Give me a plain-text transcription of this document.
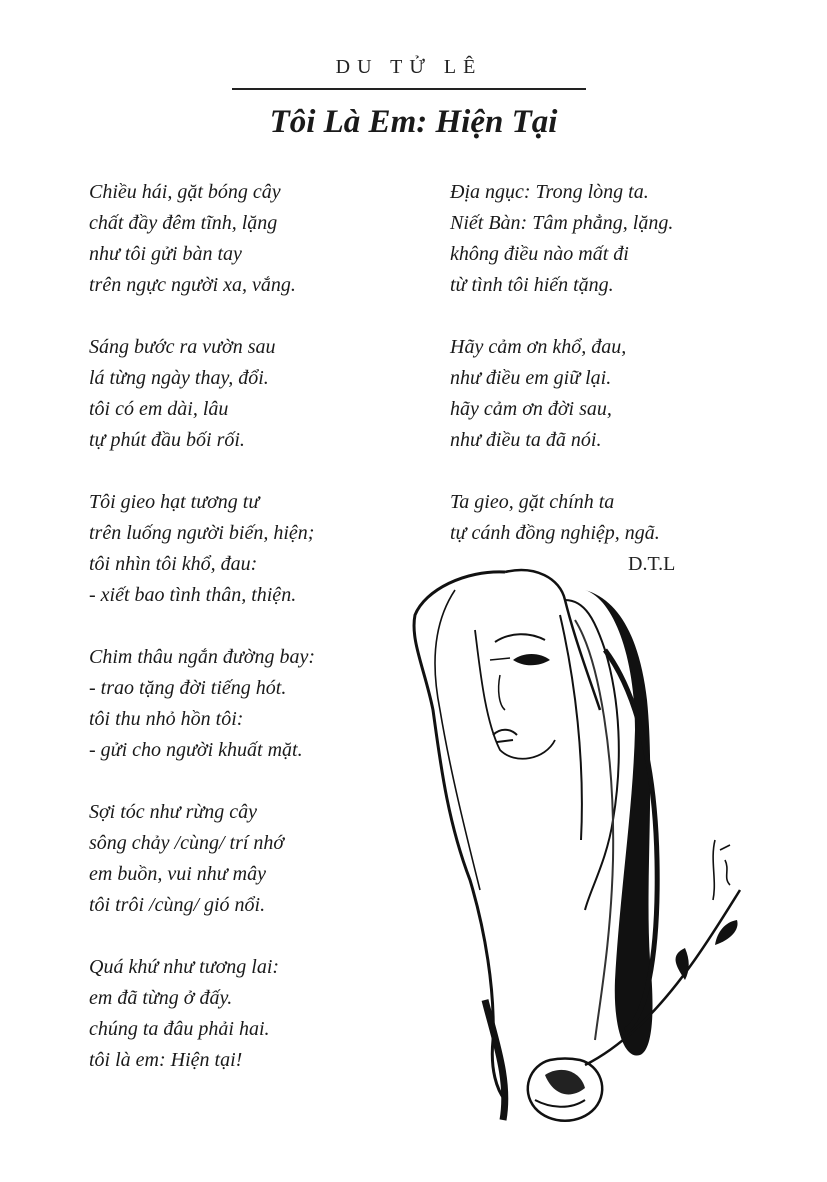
DU TỬ LÊ
Tôi Là Em: Hiện Tại
Chiều hái, gặt bóng cây
chất đầy đêm tĩnh, lặng
như tôi gửi bàn tay
trên ngực người xa, vắng.
Sáng bước ra vườn sau
lá từng ngày thay, đổi.
tôi có em dài, lâu
tự phút đầu bối rối.
Tôi gieo hạt tương tư
trên luống người biến, hiện;
tôi nhìn tôi khổ, đau:
- xiết bao tình thân, thiện.
Chim thâu ngắn đường bay:
- trao tặng đời tiếng hót.
tôi thu nhỏ hồn tôi:
- gửi cho người khuất mặt.
Sợi tóc như rừng cây
sông chảy /cùng/ trí nhớ
em buồn, vui như mây
tôi trôi /cùng/ gió nổi.
Quá khứ như tương lai:
em đã từng ở đấy.
chúng ta đâu phải hai.
tôi là em: Hiện tại!
Địa ngục: Trong lòng ta.
Niết Bàn: Tâm phẳng, lặng.
không điều nào mất đi
từ tình tôi hiến tặng.
Hãy cảm ơn khổ, đau,
như điều em giữ lại.
hãy cảm ơn đời sau,
như điều ta đã nói.
Ta gieo, gặt chính ta
tự cánh đồng nghiệp, ngã.
D.T.L
